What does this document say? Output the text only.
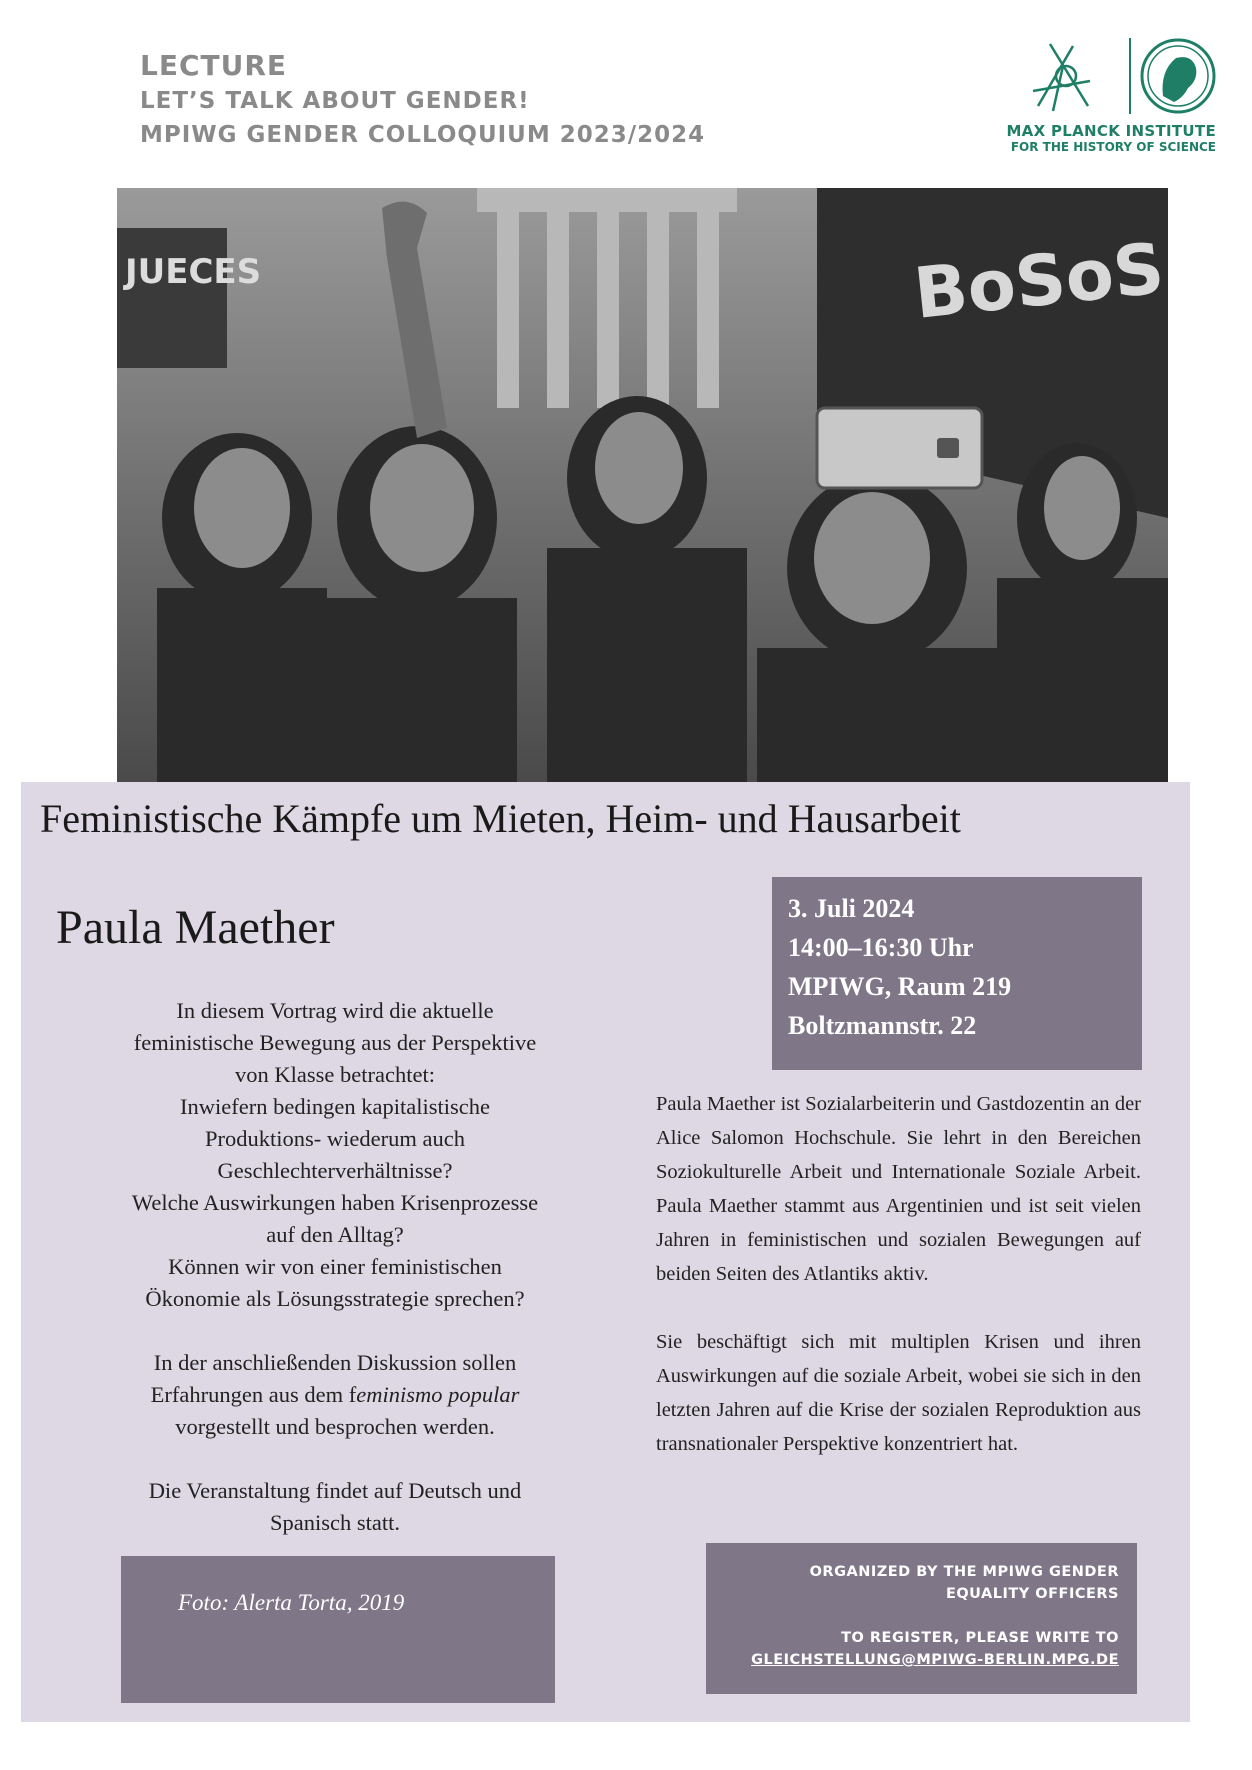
LECTURE
LET’S TALK ABOUT GENDER!
MPIWG GENDER COLLOQUIUM 2023/2024	MAX PLANCK INSTITUTE
FOR THE HISTORY OF SCIENCE
JUECES	BoSoS
Feministische Kämpfe um Mieten, Heim- und Hausarbeit
Paula Maether	3. Juli 2024
14:00–16:30 Uhr
MPIWG, Raum 219
Boltzmannstr. 22

In diesem Vortrag wird die aktuelle

feministische Bewegung aus der Perspektive

von Klasse betrachtet:

Inwiefern bedingen kapitalistische

Produktions- wiederum auch

Geschlechterverhältnisse?

Welche Auswirkungen haben Krisenprozesse

auf den Alltag?

Können wir von einer feministischen

Ökonomie als Lösungsstrategie sprechen?

In der anschließenden Diskussion sollen

Erfahrungen aus dem feminismo popular

vorgestellt und besprochen werden.

Die Veranstaltung findet auf Deutsch und

Spanisch statt.

Paula Maether ist Sozialarbeiterin und Gastdozentin an der Alice Salomon Hochschule. Sie lehrt in den Bereichen Soziokulturelle Arbeit und Internationale Soziale Arbeit. Paula Maether stammt aus Argentinien und ist seit vielen Jahren in feministischen und sozialen Bewegungen auf beiden Seiten des Atlantiks aktiv.

Sie beschäftigt sich mit multiplen Krisen und ihren Auswirkungen auf die soziale Arbeit, wobei sie sich in den letzten Jahren auf die Krise der sozialen Reproduktion aus transnationaler Perspektive konzentriert hat.

Foto: Alerta Torta, 2019
ORGANIZED BY THE MPIWG GENDER
EQUALITY OFFICERS
TO REGISTER, PLEASE WRITE TO
GLEICHSTELLUNG@MPIWG-BERLIN.MPG.DE
